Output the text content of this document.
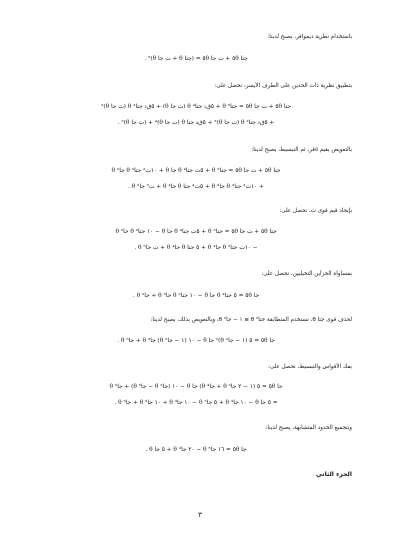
باستخدام نظرية ديموافر، يصبح لدينا:
جتا ٥θ + ت جا ٥θ = (جتا θ + ت جا θ)⁵ .
بتطبيق نظرية ذات الحدين على الطرف الأيسر، نحصل على:
جتا ٥θ + ت جا ٥θ = جتا⁵ θ + ٥ق₁ جتا⁴ θ (ت جا θ) + ٥ق₂ جتا³ θ (ت جا θ)²
+ ٥ق₃ جتا² θ (ت جا θ)³ + ٥ق₄ جتا θ (ت جا θ)⁴ + (ت جا θ)⁵ .
بالتعويض بقيم ٥قر، ثم التبسيط، يصبح لدينا:
جتا ٥θ + ت جا ٥θ = جتا⁵ θ + ٥ت جتا⁴ θ جا θ + ١٠ت² جتا³ θ جا² θ
+ ١٠ت³ جتا² θ جا³ θ + ٥ت⁴ جتا θ جا⁴ θ + ت⁵ جا⁵ θ .
بإيجاد قيم قوى ت، نحصل على:
جتا ٥θ + ت جا ٥θ = جتا⁵ θ + ٥ت جتا⁴ θ جا θ − ١٠ جتا³ θ جا² θ
− ١٠ت جتا² θ جا³ θ + ٥ جتا θ جا⁴ θ + ت جا⁵ θ .
بمساواة الجزأين التخيليين، نحصل على:
جا ٥θ = ٥ جتا⁴ θ جا θ − ١٠ جتا² θ جا³ θ + جا⁵ θ .
لحذف قوى جتا θ، نستخدم المتطابقة جتا² θ ≡ ١ − جا² θ، وبالتعويض بذلك، يصبح لدينا:
جا ٥θ = ٥ (١ − جا² θ)² جا θ − ١٠ (١ − جا² θ) جا³ θ + جا⁵ θ .
بفك الأقواس والتبسيط، نحصل على:
جا ٥θ = ٥ (١ − ٢ جا² θ + جا⁴ θ) جا θ − ١٠ (جا³ θ − جا⁵ θ) + جا⁵ θ
= ٥ جا θ − ١٠ جا³ θ + ٥ جا⁵ θ − ١٠ جا³ θ + ١٠ جا⁵ θ + جا⁵ θ .
وبتجميع الحدود المتشابهة، يصبح لدينا:
جا ٥θ = ١٦ جا⁵ θ − ٢٠ جا³ θ + ٥ جا θ .
الجزء الثاني
٣
